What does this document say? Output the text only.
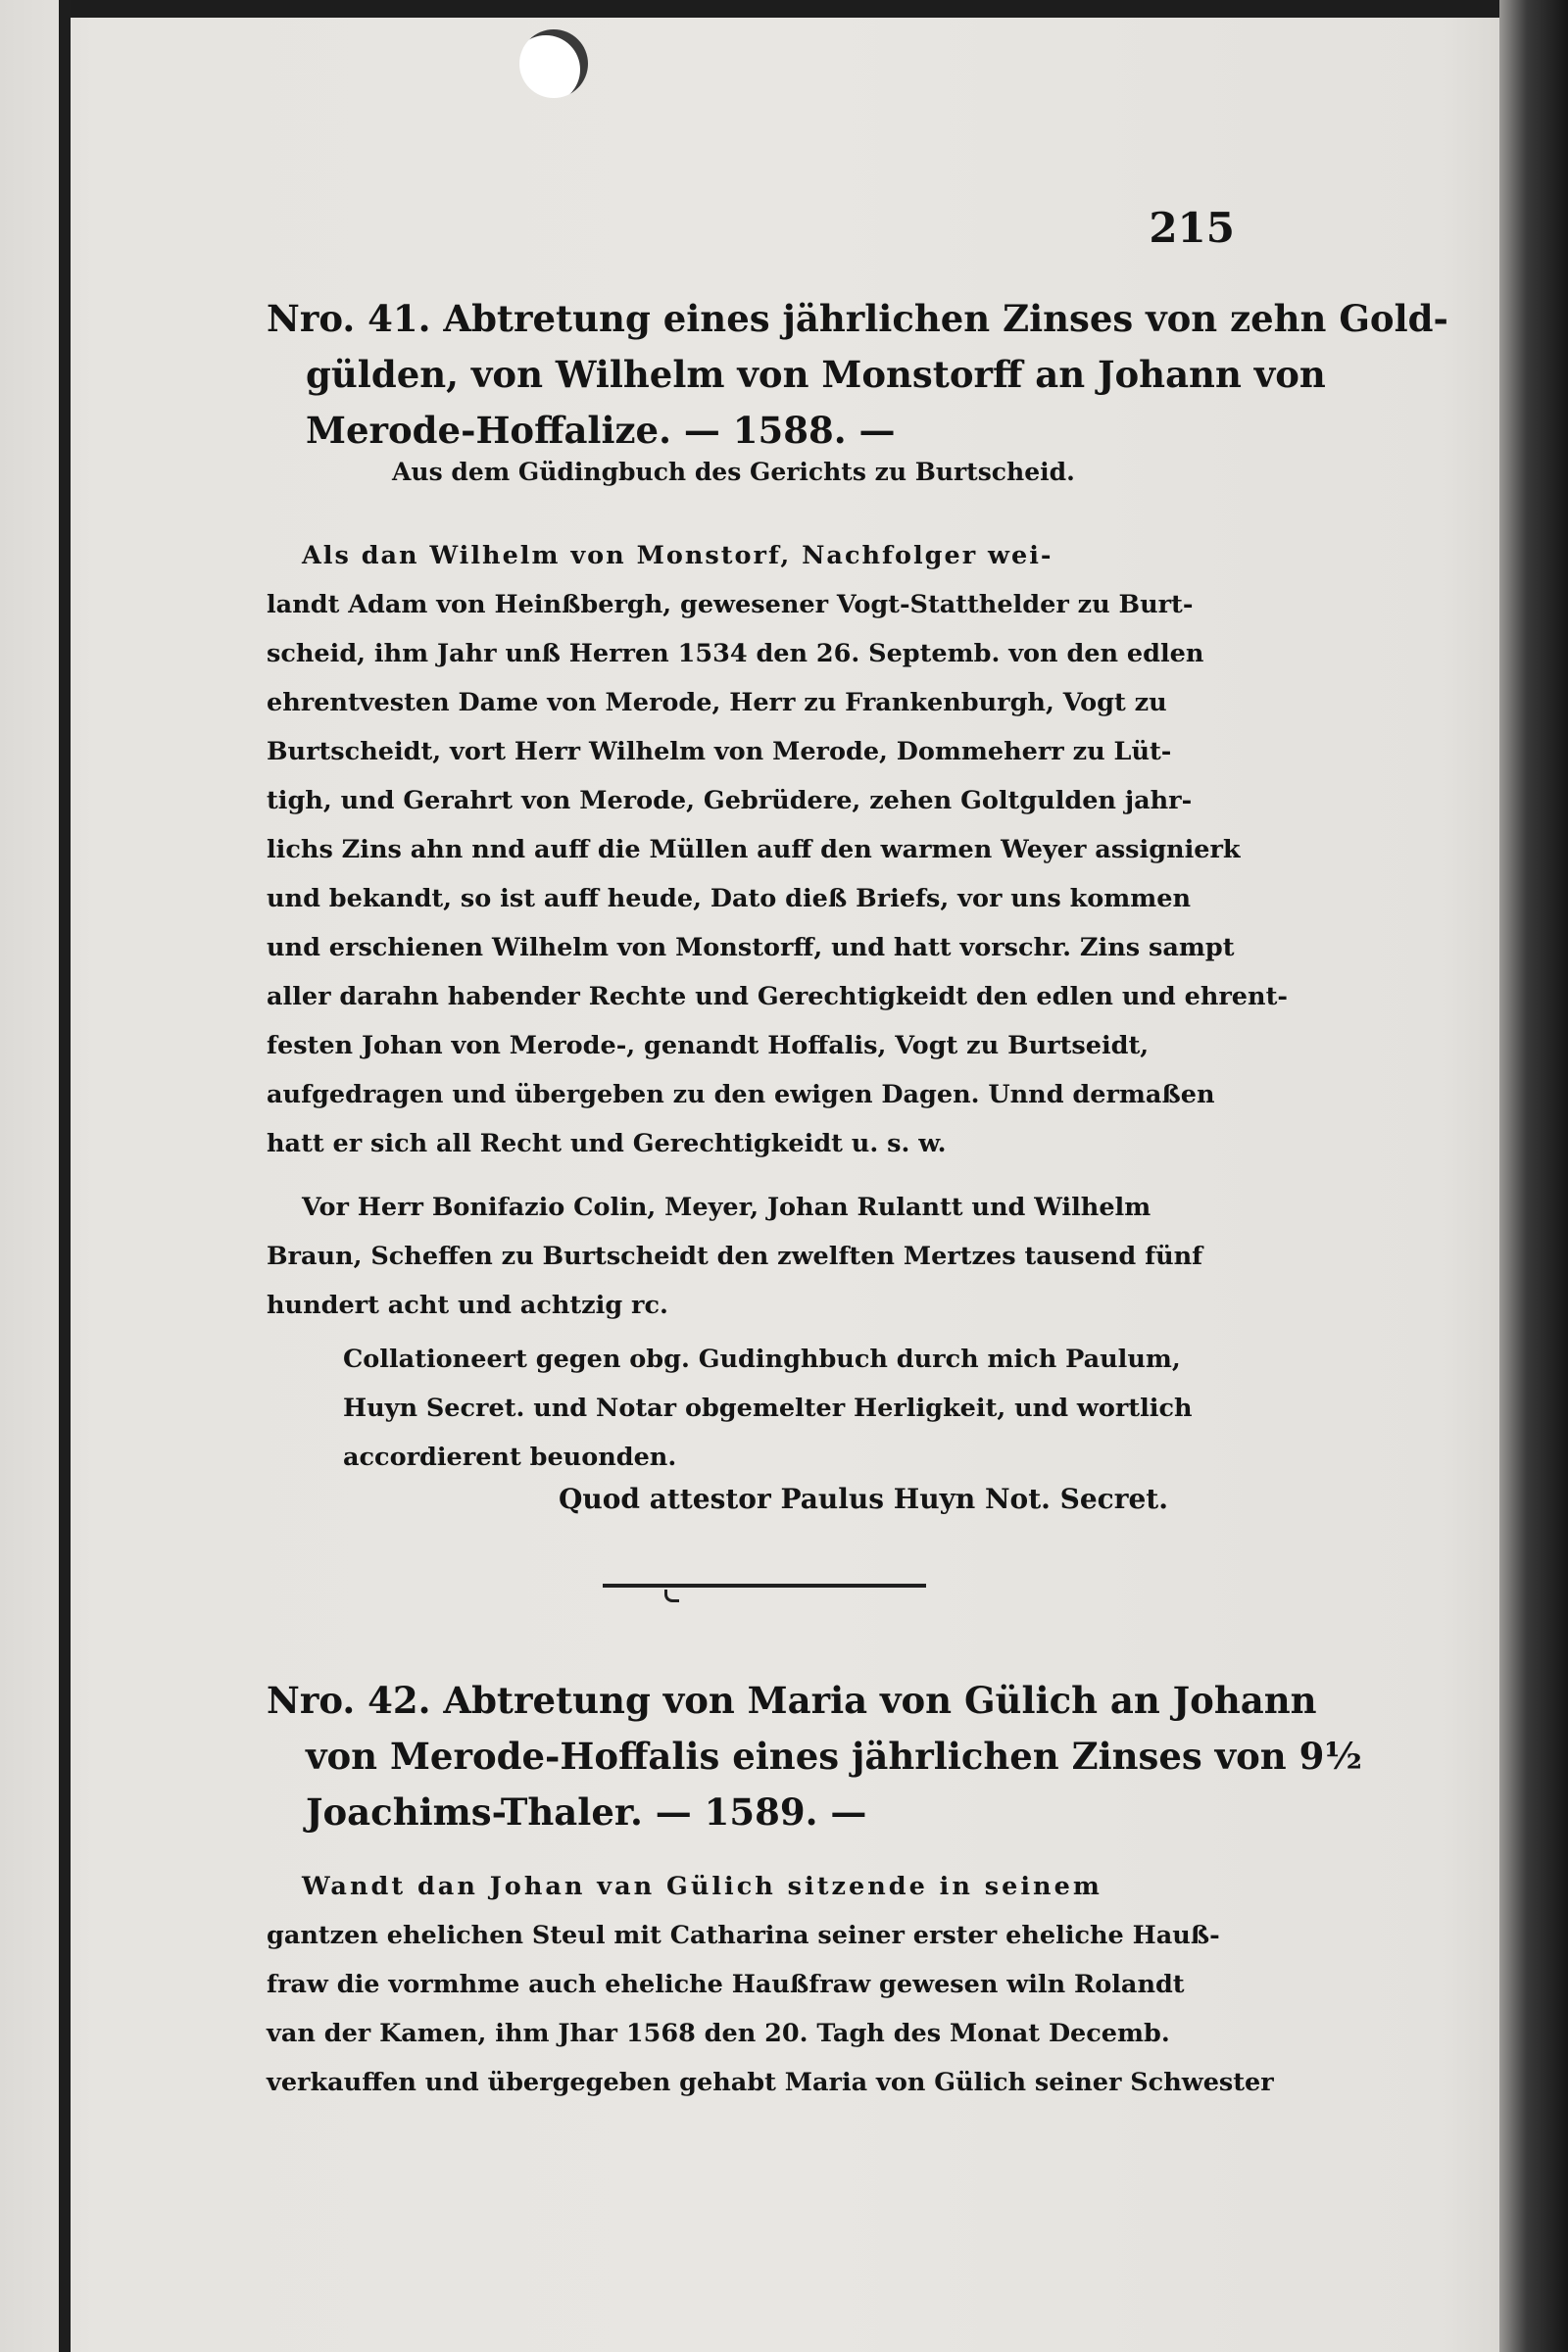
215
Nro. 41. Abtretung eines jährlichen Zinses von zehn Gold-
gülden, von Wilhelm von Monstorff an Johann von
Merode-Hoffalize. — 1588. —
Aus dem Güdingbuch des Gerichts zu Burtscheid.
Als dan Wilhelm von Monstorf, Nachfolger wei-
landt Adam von Heinßbergh, gewesener Vogt-Statthelder zu Burt-
scheid, ihm Jahr unß Herren 1534 den 26. Septemb. von den edlen
ehrentvesten Dame von Merode, Herr zu Frankenburgh, Vogt zu
Burtscheidt, vort Herr Wilhelm von Merode, Dommeherr zu Lüt-
tigh, und Gerahrt von Merode, Gebrüdere, zehen Goltgulden jahr-
lichs Zins ahn nnd auff die Müllen auff den warmen Weyer assignierk
und bekandt, so ist auff heude, Dato dieß Briefs, vor uns kommen
und erschienen Wilhelm von Monstorff, und hatt vorschr. Zins sampt
aller darahn habender Rechte und Gerechtigkeidt den edlen und ehrent-
festen Johan von Merode-, genandt Hoffalis, Vogt zu Burtseidt,
aufgedragen und übergeben zu den ewigen Dagen. Unnd dermaßen
hatt er sich all Recht und Gerechtigkeidt u. s. w.
Vor Herr Bonifazio Colin, Meyer, Johan Rulantt und Wilhelm
Braun, Scheffen zu Burtscheidt den zwelften Mertzes tausend fünf
hundert acht und achtzig rc.
Collationeert gegen obg. Gudinghbuch durch mich Paulum,
Huyn Secret. und Notar obgemelter Herligkeit, und wortlich
accordierent beuonden.
Quod attestor Paulus Huyn Not. Secret.
Nro. 42. Abtretung von Maria von Gülich an Johann
von Merode-Hoffalis eines jährlichen Zinses von 9½
Joachims-Thaler. — 1589. —
Wandt dan Johan van Gülich sitzende in seinem
gantzen ehelichen Steul mit Catharina seiner erster eheliche Hauß-
fraw die vormhme auch eheliche Haußfraw gewesen wiln Rolandt
van der Kamen, ihm Jhar 1568 den 20. Tagh des Monat Decemb.
verkauffen und übergegeben gehabt Maria von Gülich seiner Schwester
